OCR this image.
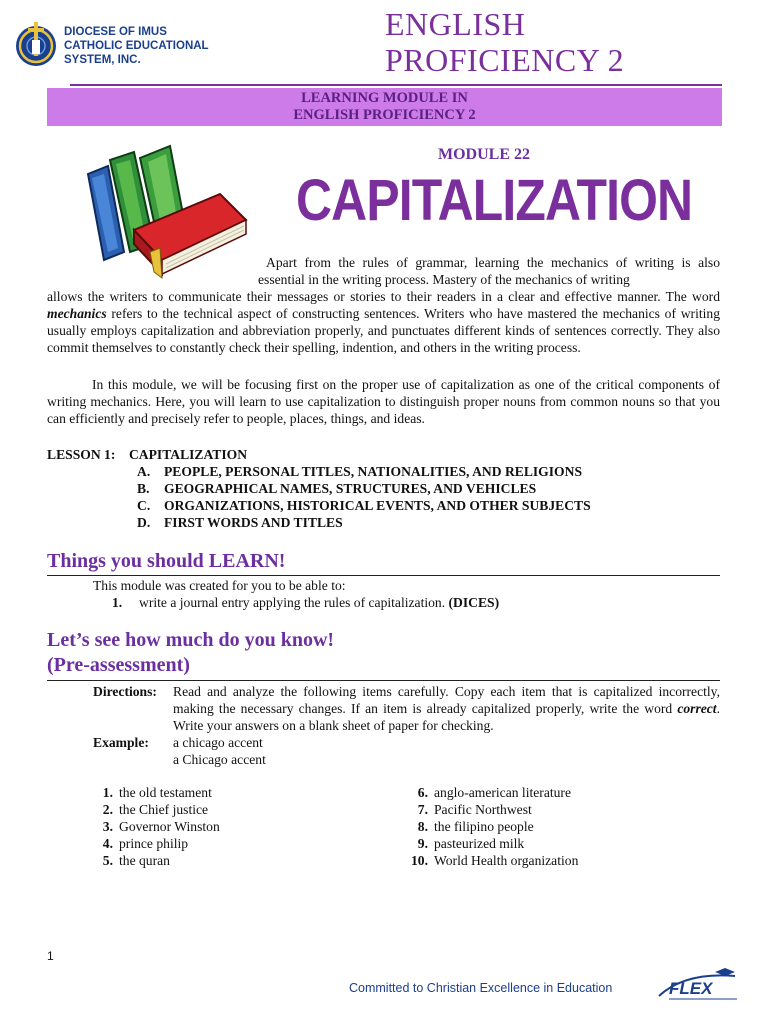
DIOCESE OF IMUS
CATHOLIC EDUCATIONAL
SYSTEM, INC.
ENGLISH
PROFICIENCY 2
LEARNING MODULE IN
ENGLISH PROFICIENCY 2
MODULE 22
CAPITALIZATION
Apart from the rules of grammar, learning the mechanics of writing is also essential in the writing process. Mastery of the mechanics of writing
allows the writers to communicate their messages or stories to their readers in a clear and effective manner. The word mechanics refers to the technical aspect of constructing sentences. Writers who have mastered the mechanics of writing usually employs capitalization and abbreviation properly, and punctuates different kinds of sentences correctly. They also commit themselves to constantly check their spelling, indention, and others in the writing process.
In this module, we will be focusing first on the proper use of capitalization as one of the critical components of writing mechanics. Here, you will learn to use capitalization to distinguish proper nouns from common nouns so that you can efficiently and precisely refer to people, places, things, and ideas.
LESSON 1: CAPITALIZATION
A.	PEOPLE, PERSONAL TITLES, NATIONALITIES, AND RELIGIONS
B.	GEOGRAPHICAL NAMES, STRUCTURES, AND VEHICLES
C.	ORGANIZATIONS, HISTORICAL EVENTS, AND OTHER SUBJECTS
D.	FIRST WORDS AND TITLES
Things you should LEARN!
This module was created for you to be able to:
1.	write a journal entry applying the rules of capitalization. (DICES)
Let’s see how much do you know!
(Pre-assessment)
Directions: Read and analyze the following items carefully. Copy each item that is capitalized incorrectly, making the necessary changes. If an item is already capitalized properly, write the word correct. Write your answers on a blank sheet of paper for checking.
Example: a chicago accent
a Chicago accent
1. the old testament
2. the Chief justice
3. Governor Winston
4. prince philip
5. the quran
6. anglo-american literature
7. Pacific Northwest
8. the filipino people
9. pasteurized milk
10. World Health organization
1
Committed to Christian Excellence in Education	FLEX
